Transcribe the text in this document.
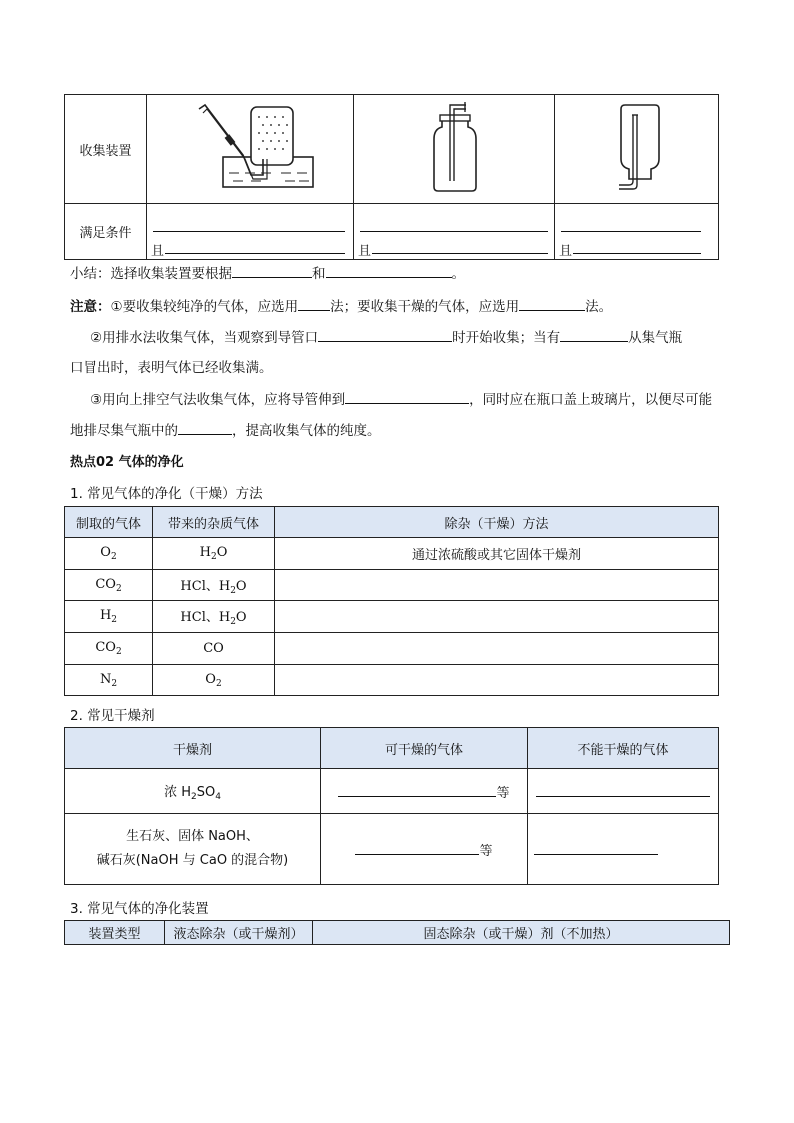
收集装置			
满足条件	且	且	且
小结：选择收集装置要根据	和	。
注意：①要收集较纯净的气体，应选用 法；要收集干燥的气体，应选用	法。
②用排水法收集气体，当观察到导管口	时开始收集；当有	从集气瓶
口冒出时，表明气体已经收集满。
③用向上排空气法收集气体，应将导管伸到	，同时应在瓶口盖上玻璃片，以便尽可能
地排尽集气瓶中的	，提高收集气体的纯度。
热点02 气体的净化
1. 常见气体的净化（干燥）方法
制取的气体	带来的杂质气体	除杂（干燥）方法
$O_2$	$H_2O$	通过浓硫酸或其它固体干燥剂
$CO_2$	HCl、$H_2O$	
$H_2$	HCl、$H_2O$	
$CO_2$	CO	
$N_2$	$O_2$	
2. 常见干燥剂
干燥剂	可干燥的气体	不能干燥的气体
浓 $H_2SO_4$	等	

生石灰、固体 NaOH、
碱石灰(NaOH 与 CaO 的混合物)	等	
3. 常见气体的净化装置
装置类型	液态除杂（或干燥剂）	固态除杂（或干燥）剂（不加热）
